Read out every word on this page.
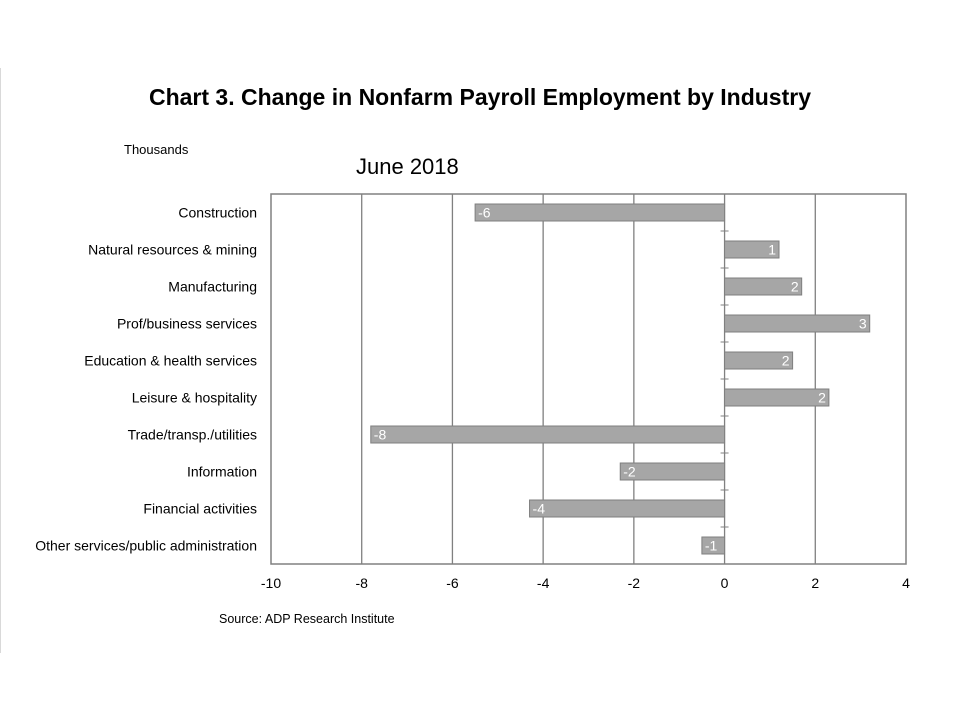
Chart 3. Change in Nonfarm Payroll Employment by Industry
Thousands
June 2018
Source: ADP Research Institute
-6
1
2
3
2
2
-8
-2
-4
-1
-10	-8	-6	-4	-2	0	2	4
Construction
Natural resources & mining
Manufacturing
Prof/business services
Education & health services
Leisure & hospitality
Trade/transp./utilities
Information
Financial activities
Other services/public administration
